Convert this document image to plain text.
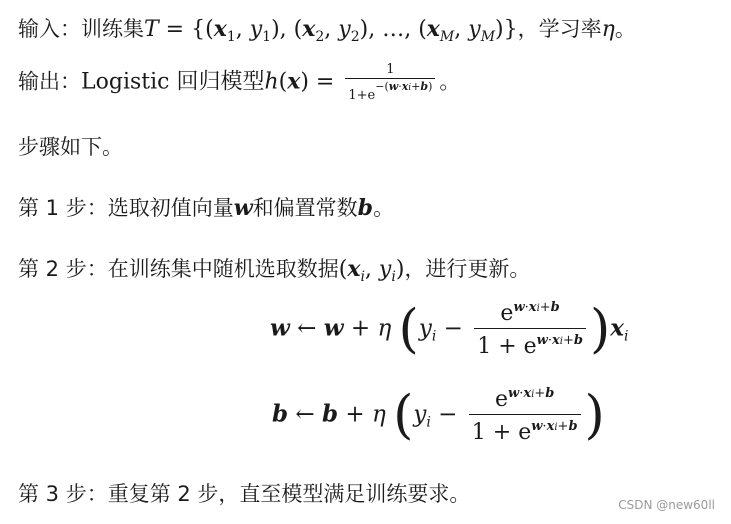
输入：训练集$T = \{(x_1$, $y_1$), ($x_2$, $y_2$), …, ($x_M$, $y_M$)}，学习率η。
输出：Logistic 回归模型$h(x) = \frac{1}{1+e^{-(w\cdot xi+b)}}$ 。
步骤如下。
第 1 步：选取初值向量w和偏置常数b。
第 2 步：在训练集中随机选取数据($x_i$, $y_i$)，进行更新。
w ← w + η $(y_i - \frac{e^{w\cdot xi+b}}{1 + e^{w\cdot xi+b}} )x_i$
b ← b + η ($y_i - \frac{e^{w\cdot xi+b}}{1 + e^{w\cdot xi+b}}$ )
第 3 步：重复第 2 步，直至模型满足训练要求。	CSDN @new60ll
